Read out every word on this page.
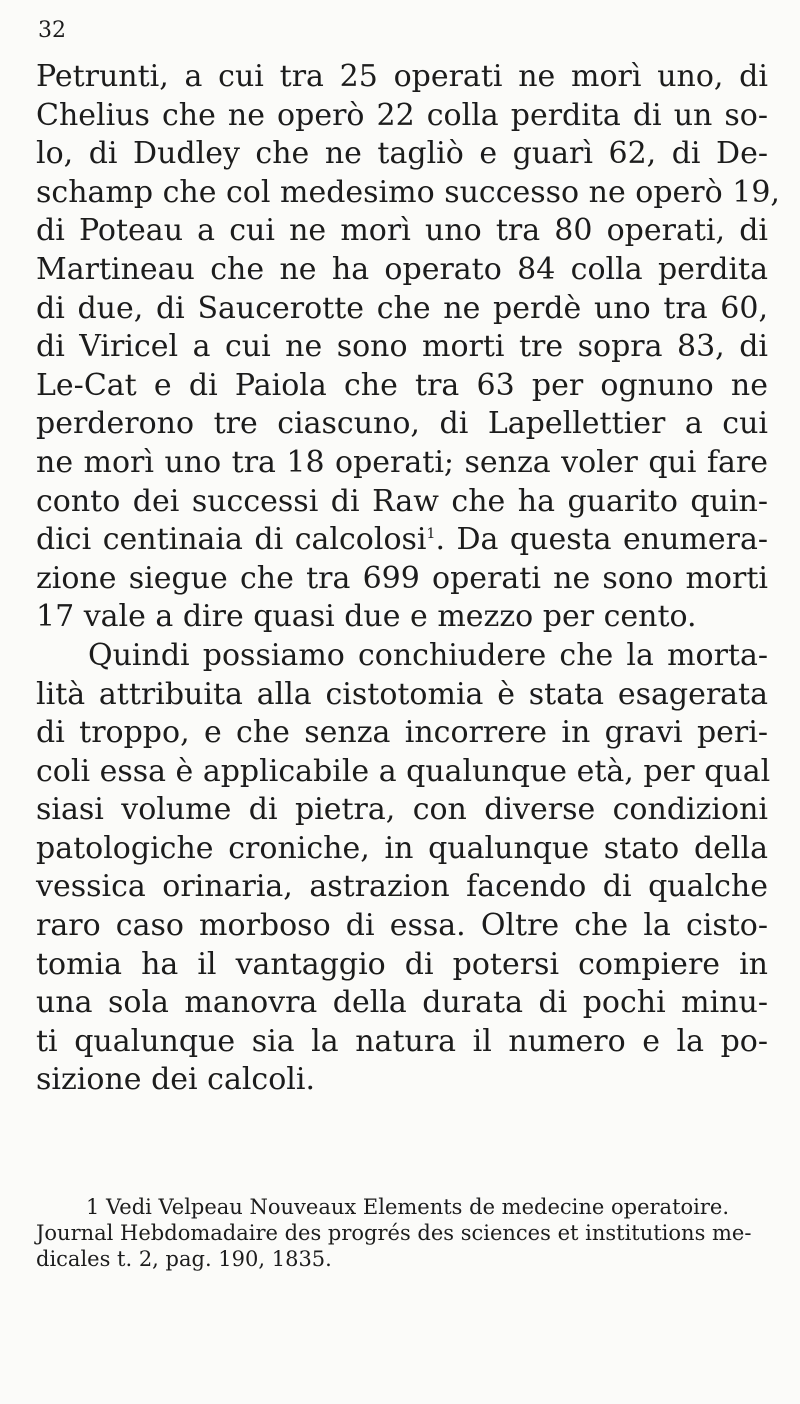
32
Petrunti, a cui tra 25 operati ne morì uno, di
Chelius che ne operò 22 colla perdita di un so-
lo, di Dudley che ne tagliò e guarì 62, di De-
schamp che col medesimo successo ne operò 19,
di Poteau a cui ne morì uno tra 80 operati, di
Martineau che ne ha operato 84 colla perdita
di due, di Saucerotte che ne perdè uno tra 60,
di Viricel a cui ne sono morti tre sopra 83, di
Le-Cat e di Paiola che tra 63 per ognuno ne
perderono tre ciascuno, di Lapellettier a cui
ne morì uno tra 18 operati; senza voler qui fare
conto dei successi di Raw che ha guarito quin-
dici centinaia di calcolosi$^1$. Da questa enumera-
zione siegue che tra 699 operati ne sono morti
17 vale a dire quasi due e mezzo per cento.
Quindi possiamo conchiudere che la morta-
lità attribuita alla cistotomia è stata esagerata
di troppo, e che senza incorrere in gravi peri-
coli essa è applicabile a qualunque età, per qual
siasi volume di pietra, con diverse condizioni
patologiche croniche, in qualunque stato della
vessica orinaria, astrazion facendo di qualche
raro caso morboso di essa. Oltre che la cisto-
tomia ha il vantaggio di potersi compiere in
una sola manovra della durata di pochi minu-
ti qualunque sia la natura il numero e la po-
sizione dei calcoli.
1 Vedi Velpeau Nouveaux Elements de medecine operatoire.
Journal Hebdomadaire des progrés des sciences et institutions me-
dicales t. 2, pag. 190, 1835.
